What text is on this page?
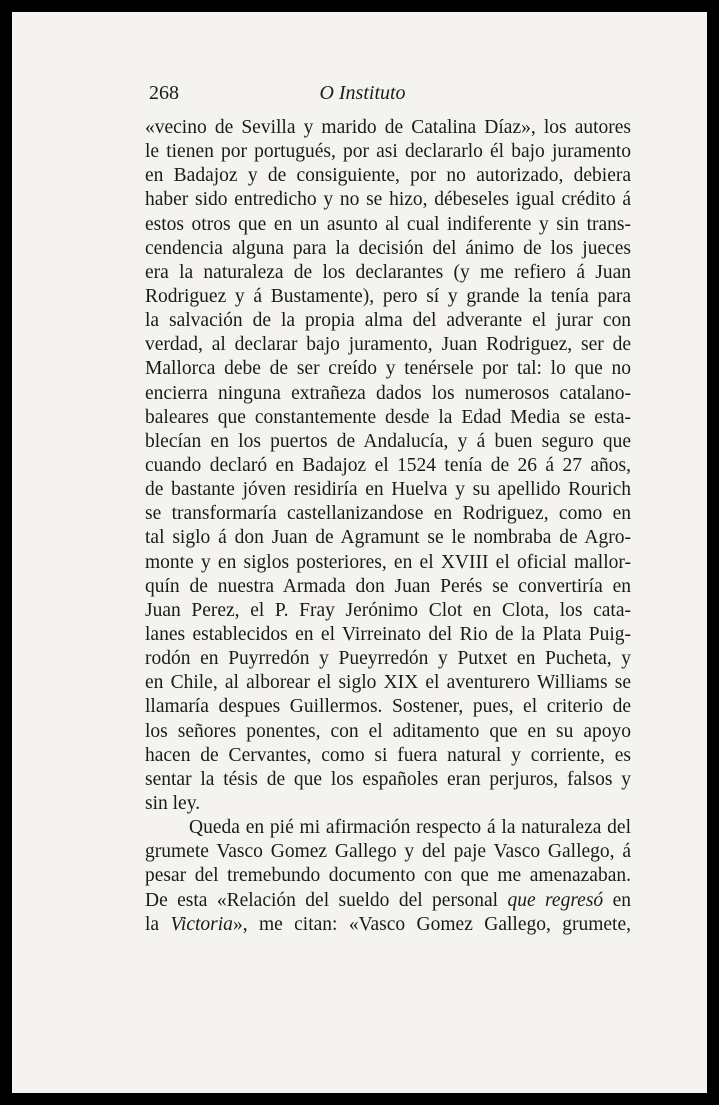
268	O Instituto
«vecino de Sevilla y marido de Catalina Díaz», los autores
le tienen por portugués, por asi declararlo él bajo juramento
en Badajoz y de consiguiente, por no autorizado, debiera
haber sido entredicho y no se hizo, débeseles igual crédito á
estos otros que en un asunto al cual indiferente y sin trans-
cendencia alguna para la decisión del ánimo de los jueces
era la naturaleza de los declarantes (y me refiero á Juan
Rodriguez y á Bustamente), pero sí y grande la tenía para
la salvación de la propia alma del adverante el jurar con
verdad, al declarar bajo juramento, Juan Rodriguez, ser de
Mallorca debe de ser creído y tenérsele por tal: lo que no
encierra ninguna extrañeza dados los numerosos catalano-
baleares que constantemente desde la Edad Media se esta-
blecían en los puertos de Andalucía, y á buen seguro que
cuando declaró en Badajoz el 1524 tenía de 26 á 27 años,
de bastante jóven residiría en Huelva y su apellido Rourich
se transformaría castellanizandose en Rodriguez, como en
tal siglo á don Juan de Agramunt se le nombraba de Agro-
monte y en siglos posteriores, en el XVIII el oficial mallor-
quín de nuestra Armada don Juan Perés se convertiría en
Juan Perez, el P. Fray Jerónimo Clot en Clota, los cata-
lanes establecidos en el Virreinato del Rio de la Plata Puig-
rodón en Puyrredón y Pueyrredón y Putxet en Pucheta, y
en Chile, al alborear el siglo XIX el aventurero Williams se
llamaría despues Guillermos. Sostener, pues, el criterio de
los señores ponentes, con el aditamento que en su apoyo
hacen de Cervantes, como si fuera natural y corriente, es
sentar la tésis de que los españoles eran perjuros, falsos y
sin ley.
Queda en pié mi afirmación respecto á la naturaleza del
grumete Vasco Gomez Gallego y del paje Vasco Gallego, á
pesar del tremebundo documento con que me amenazaban.
De esta «Relación del sueldo del personal que regresó en
la Victoria», me citan: «Vasco Gomez Gallego, grumete,
